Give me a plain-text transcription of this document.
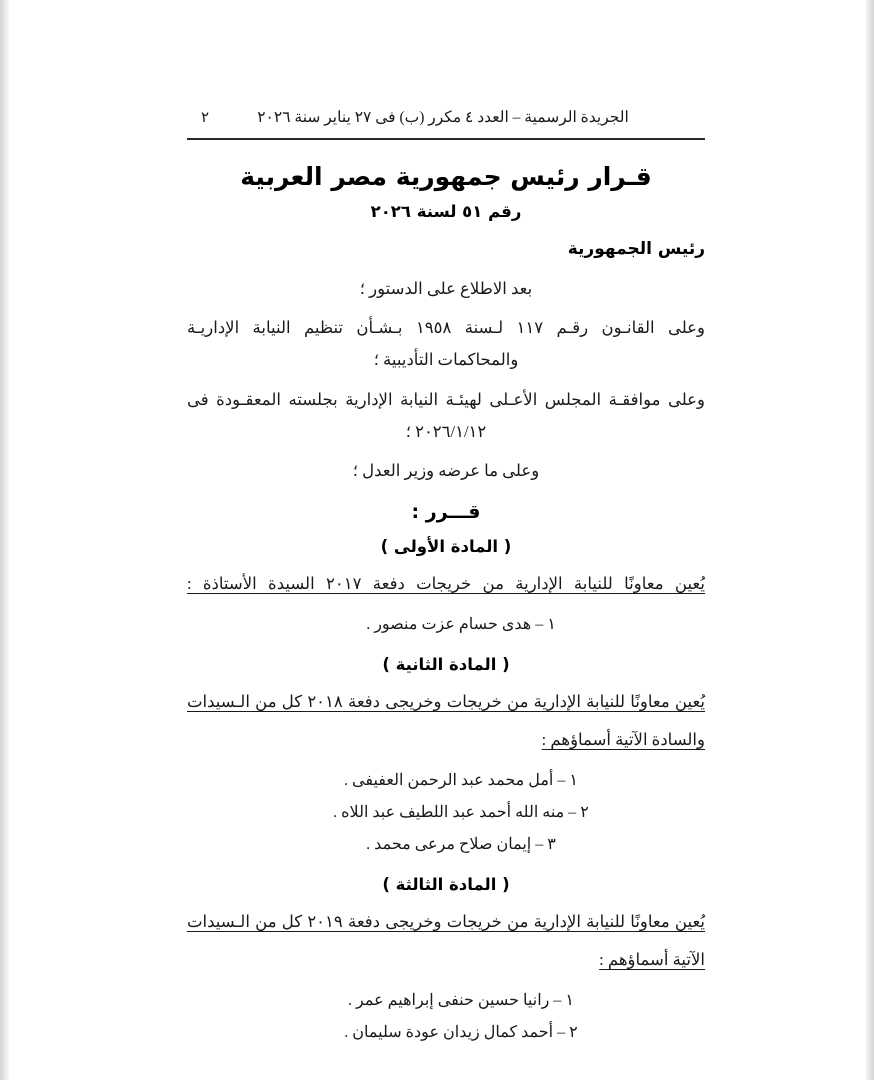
٢	الجريدة الرسمية – العدد ٤ مكرر (ب) فى ٢٧ يناير سنة ٢٠٢٦
قـرار رئيس جمهورية مصر العربية
رقم ٥١ لسنة ٢٠٢٦
رئيس الجمهورية

بعد الاطلاع على الدستور ؛

وعلى القانـون رقـم ١١٧ لـسنة ١٩٥٨ بـشـأن تنظيم النيابة الإداريـة والمحاكمات التأديبية ؛

وعلى موافقـة المجلس الأعـلى لهيئـة النيابة الإدارية بجلسته المعقـودة فى ٢٠٢٦/١/١٢ ؛

وعلى ما عرضه وزير العدل ؛

قـــرر :
( المادة الأولى )

يُعين معاونًا للنيابة الإدارية من خريجات دفعة ٢٠١٧ السيدة الأستاذة :

١ – هدى حسام عزت منصور .
( المادة الثانية )

يُعين معاونًا للنيابة الإدارية من خريجات وخريجى دفعة ٢٠١٨ كل من الـسيدات

والسادة الآتية أسماؤهم :

١ – أمل محمد عبد الرحمن العفيفى .
٢ – منه الله أحمد عبد اللطيف عبد اللاه .
٣ – إيمان صلاح مرعى محمد .
( المادة الثالثة )

يُعين معاونًا للنيابة الإدارية من خريجات وخريجى دفعة ٢٠١٩ كل من الـسيدات

الآتية أسماؤهم :

١ – رانيا حسين حنفى إبراهيم عمر .
٢ – أحمد كمال زيدان عودة سليمان .
